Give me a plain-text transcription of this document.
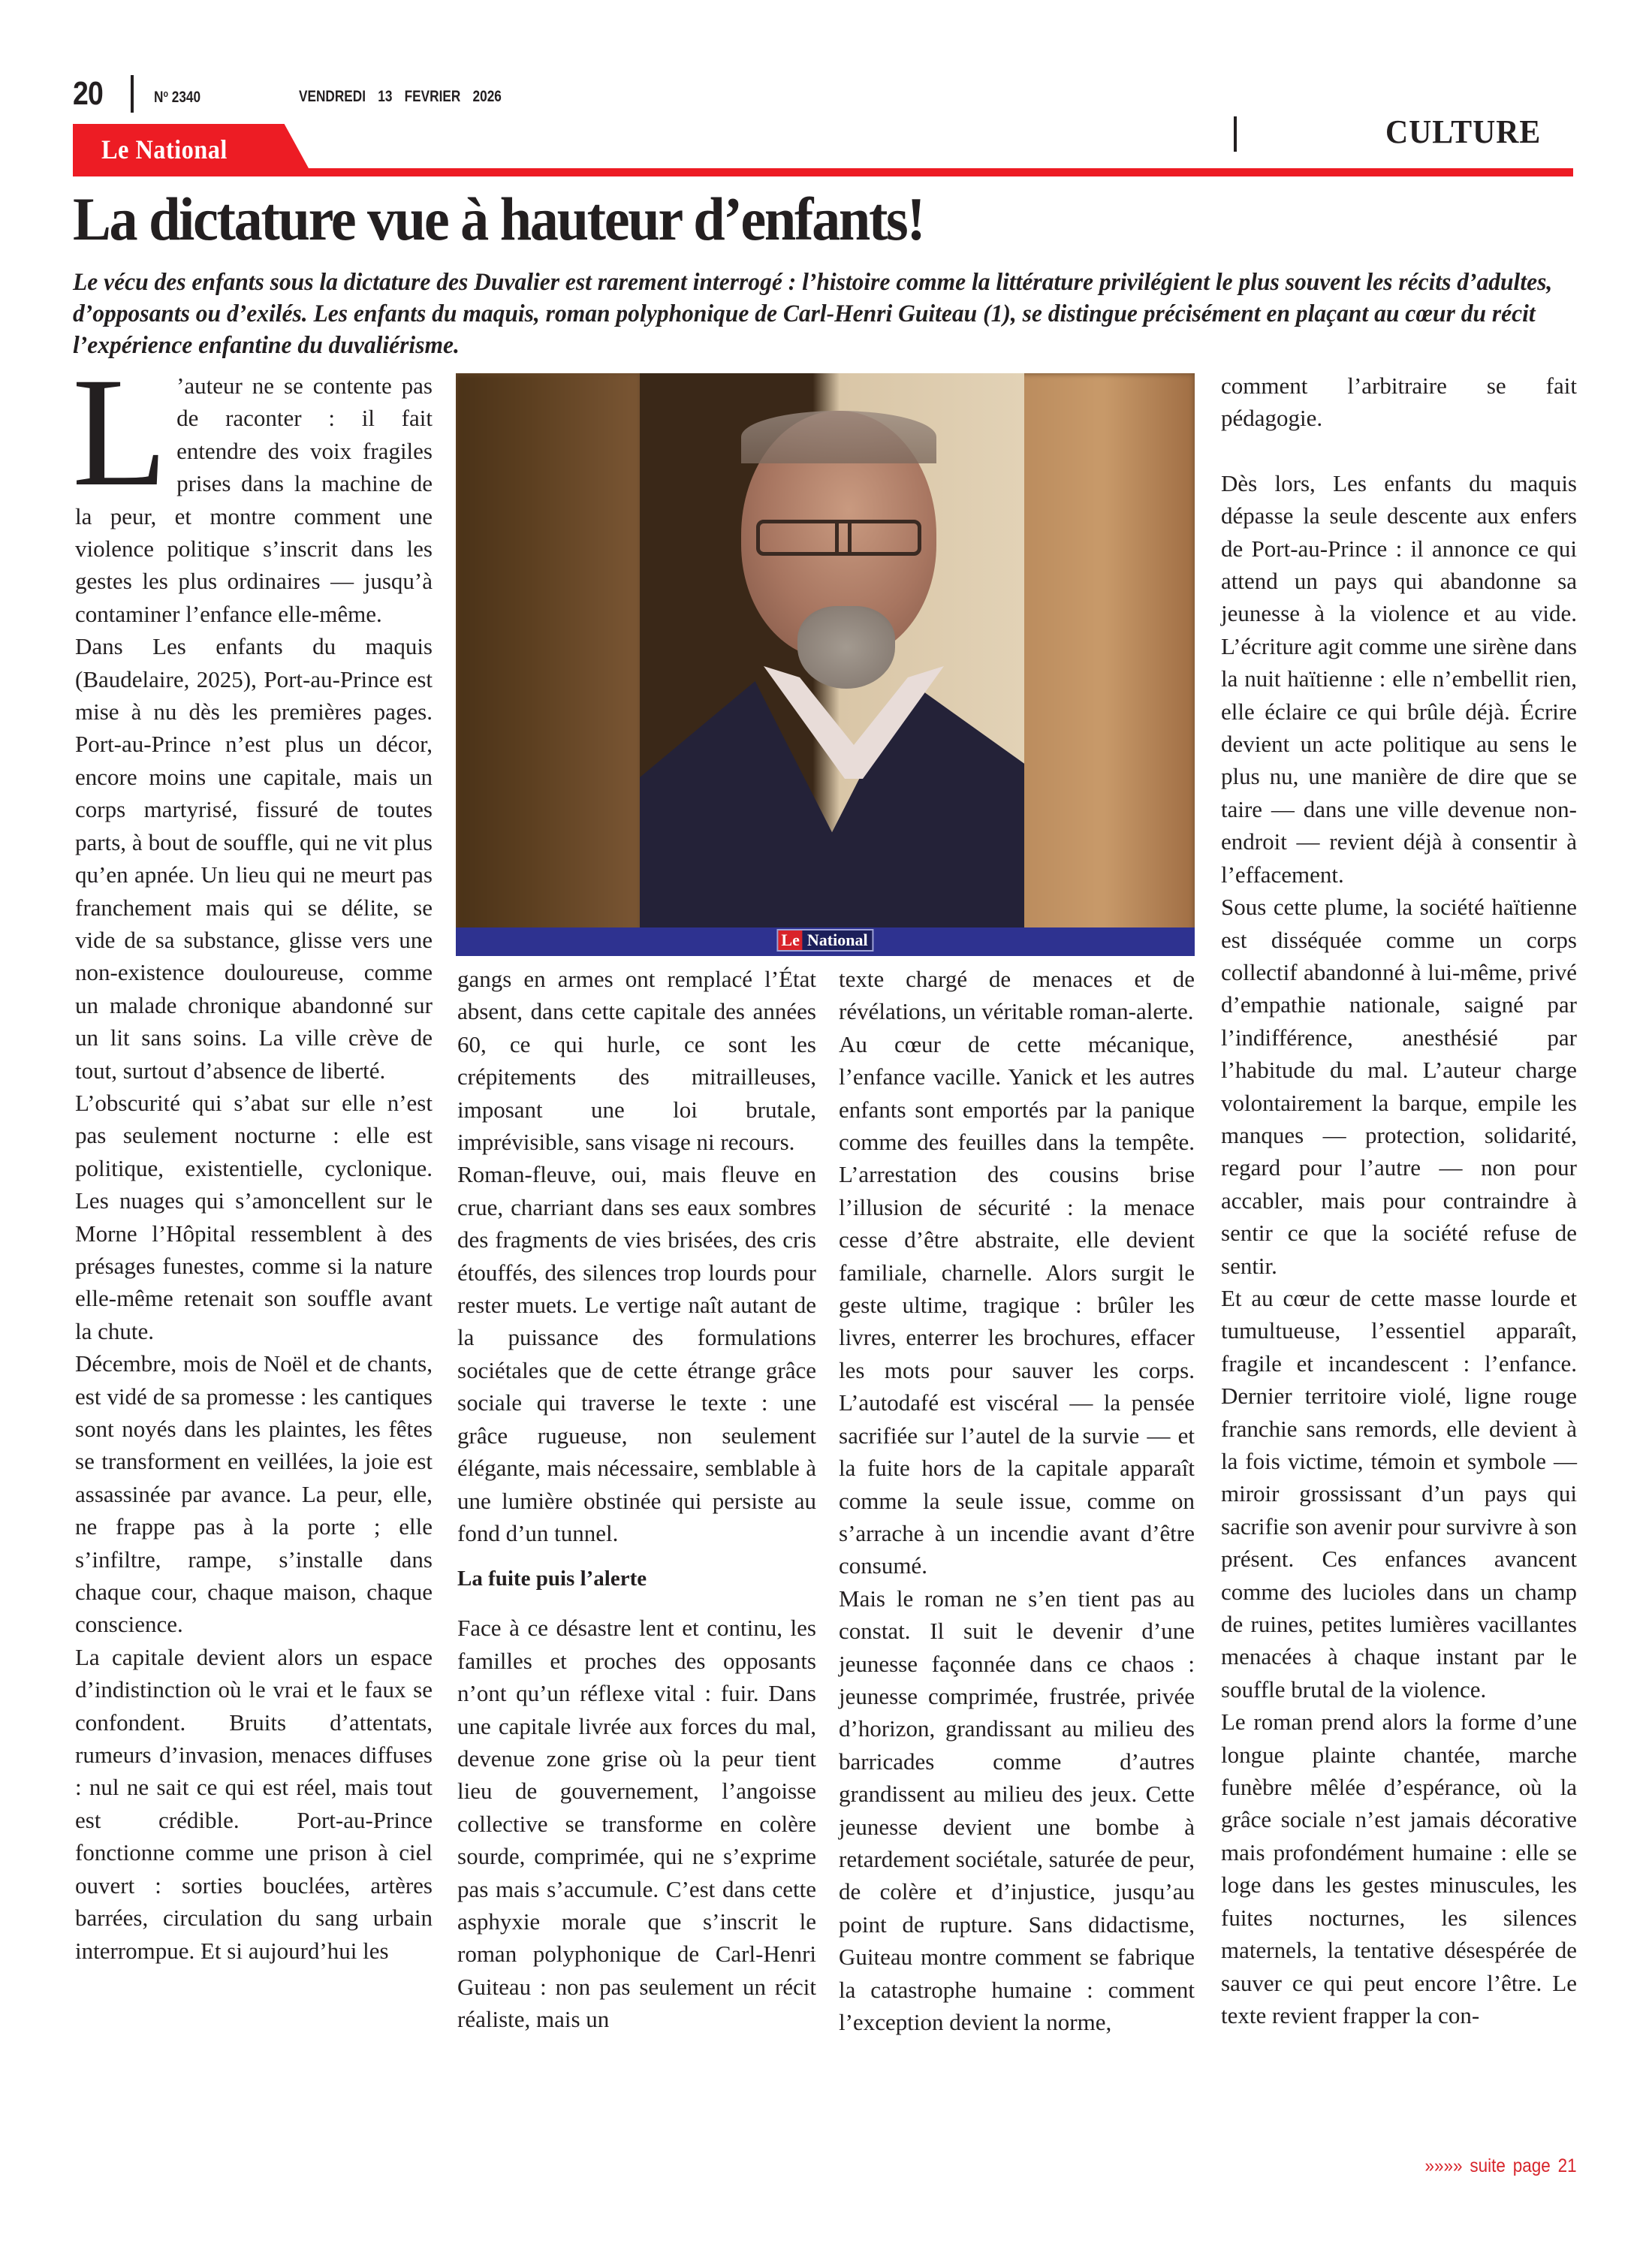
20	$N^o$ 2340	VENDREDI 13 FEVRIER 2026
Le National	CULTURE
La dictature vue à hauteur d’enfants!

Le vécu des enfants sous la dictature des Duvalier est rarement interrogé : l’histoire comme la littérature privilégient le plus souvent les récits d’adultes, d’opposants ou d’exilés. Les enfants du maquis, roman polyphonique de Carl-Henri Guiteau (1), se distingue précisément en plaçant au cœur du récit l’expérience enfantine du duvaliérisme.

L ’auteur ne se contente pas de raconter : il fait entendre des voix fragiles prises dans la machine de la peur, et montre comment une violence politique s’inscrit dans les gestes les plus ordinaires — jusqu’à contaminer l’enfance elle-même.

Dans Les enfants du maquis (Baudelaire, 2025), Port-au-Prince est mise à nu dès les premières pages. Port-au-Prince n’est plus un décor, encore moins une capitale, mais un corps martyrisé, fissuré de toutes parts, à bout de souffle, qui ne vit plus qu’en apnée. Un lieu qui ne meurt pas franchement mais qui se délite, se vide de sa substance, glisse vers une non-existence douloureuse, comme un malade chronique abandonné sur un lit sans soins. La ville crève de tout, surtout d’absence de liberté.

L’obscurité qui s’abat sur elle n’est pas seulement nocturne : elle est politique, existentielle, cyclonique. Les nuages qui s’amoncellent sur le Morne l’Hôpital ressemblent à des présages funestes, comme si la nature elle-même retenait son souffle avant la chute.

Décembre, mois de Noël et de chants, est vidé de sa promesse : les cantiques sont noyés dans les plaintes, les fêtes se transforment en veillées, la joie est assassinée par avance. La peur, elle, ne frappe pas à la porte ; elle s’infiltre, rampe, s’installe dans chaque cour, chaque maison, chaque conscience.

La capitale devient alors un espace d’indistinction où le vrai et le faux se confondent. Bruits d’attentats, rumeurs d’invasion, menaces diffuses : nul ne sait ce qui est réel, mais tout est crédible. Port-au-Prince fonctionne comme une prison à ciel ouvert : sorties bouclées, artères barrées, circulation du sang urbain interrompue. Et si aujourd’hui les

Le National

gangs en armes ont remplacé l’État absent, dans cette capitale des années 60, ce qui hurle, ce sont les crépitements des mitrailleuses, imposant une loi brutale, imprévisible, sans visage ni recours.

Roman-fleuve, oui, mais fleuve en crue, charriant dans ses eaux sombres des fragments de vies brisées, des cris étouffés, des silences trop lourds pour rester muets. Le vertige naît autant de la puissance des formulations sociétales que de cette étrange grâce sociale qui traverse le texte : une grâce rugueuse, non seulement élégante, mais nécessaire, semblable à une lumière obstinée qui persiste au fond d’un tunnel.

La fuite puis l’alerte

Face à ce désastre lent et continu, les familles et proches des opposants n’ont qu’un réflexe vital : fuir. Dans une capitale livrée aux forces du mal, devenue zone grise où la peur tient lieu de gouvernement, l’angoisse collective se transforme en colère sourde, comprimée, qui ne s’exprime pas mais s’accumule. C’est dans cette asphyxie morale que s’inscrit le roman polyphonique de Carl-Henri Guiteau : non pas seulement un récit réaliste, mais un

texte chargé de menaces et de révélations, un véritable roman-alerte.

Au cœur de cette mécanique, l’enfance vacille. Yanick et les autres enfants sont emportés par la panique comme des feuilles dans la tempête. L’arrestation des cousins brise l’illusion de sécurité : la menace cesse d’être abstraite, elle devient familiale, charnelle. Alors surgit le geste ultime, tragique : brûler les livres, enterrer les brochures, effacer les mots pour sauver les corps. L’autodafé est viscéral — la pensée sacrifiée sur l’autel de la survie — et la fuite hors de la capitale apparaît comme la seule issue, comme on s’arrache à un incendie avant d’être consumé.

Mais le roman ne s’en tient pas au constat. Il suit le devenir d’une jeunesse façonnée dans ce chaos : jeunesse comprimée, frustrée, privée d’horizon, grandissant au milieu des barricades comme d’autres grandissent au milieu des jeux. Cette jeunesse devient une bombe à retardement sociétale, saturée de peur, de colère et d’injustice, jusqu’au point de rupture. Sans didactisme, Guiteau montre comment se fabrique la catastrophe humaine : comment l’exception devient la norme,

comment l’arbitraire se fait pédagogie.

Dès lors, Les enfants du maquis dépasse la seule descente aux enfers de Port-au-Prince : il annonce ce qui attend un pays qui abandonne sa jeunesse à la violence et au vide. L’écriture agit comme une sirène dans la nuit haïtienne : elle n’embellit rien, elle éclaire ce qui brûle déjà. Écrire devient un acte politique au sens le plus nu, une manière de dire que se taire — dans une ville devenue non-endroit — revient déjà à consentir à l’effacement.

Sous cette plume, la société haïtienne est disséquée comme un corps collectif abandonné à lui-même, privé d’empathie nationale, saigné par l’indifférence, anesthésié par l’habitude du mal. L’auteur charge volontairement la barque, empile les manques — protection, solidarité, regard pour l’autre — non pour accabler, mais pour contraindre à sentir ce que la société refuse de sentir.

Et au cœur de cette masse lourde et tumultueuse, l’essentiel apparaît, fragile et incandescent : l’enfance. Dernier territoire violé, ligne rouge franchie sans remords, elle devient à la fois victime, témoin et symbole — miroir grossissant d’un pays qui sacrifie son avenir pour survivre à son présent. Ces enfances avancent comme des lucioles dans un champ de ruines, petites lumières vacillantes menacées à chaque instant par le souffle brutal de la violence.

Le roman prend alors la forme d’une longue plainte chantée, marche funèbre mêlée d’espérance, où la grâce sociale n’est jamais décorative mais profondément humaine : elle se loge dans les gestes minuscules, les fuites nocturnes, les silences maternels, la tentative désespérée de sauver ce qui peut encore l’être. Le texte revient frapper la con-

»»»» suite page 21
